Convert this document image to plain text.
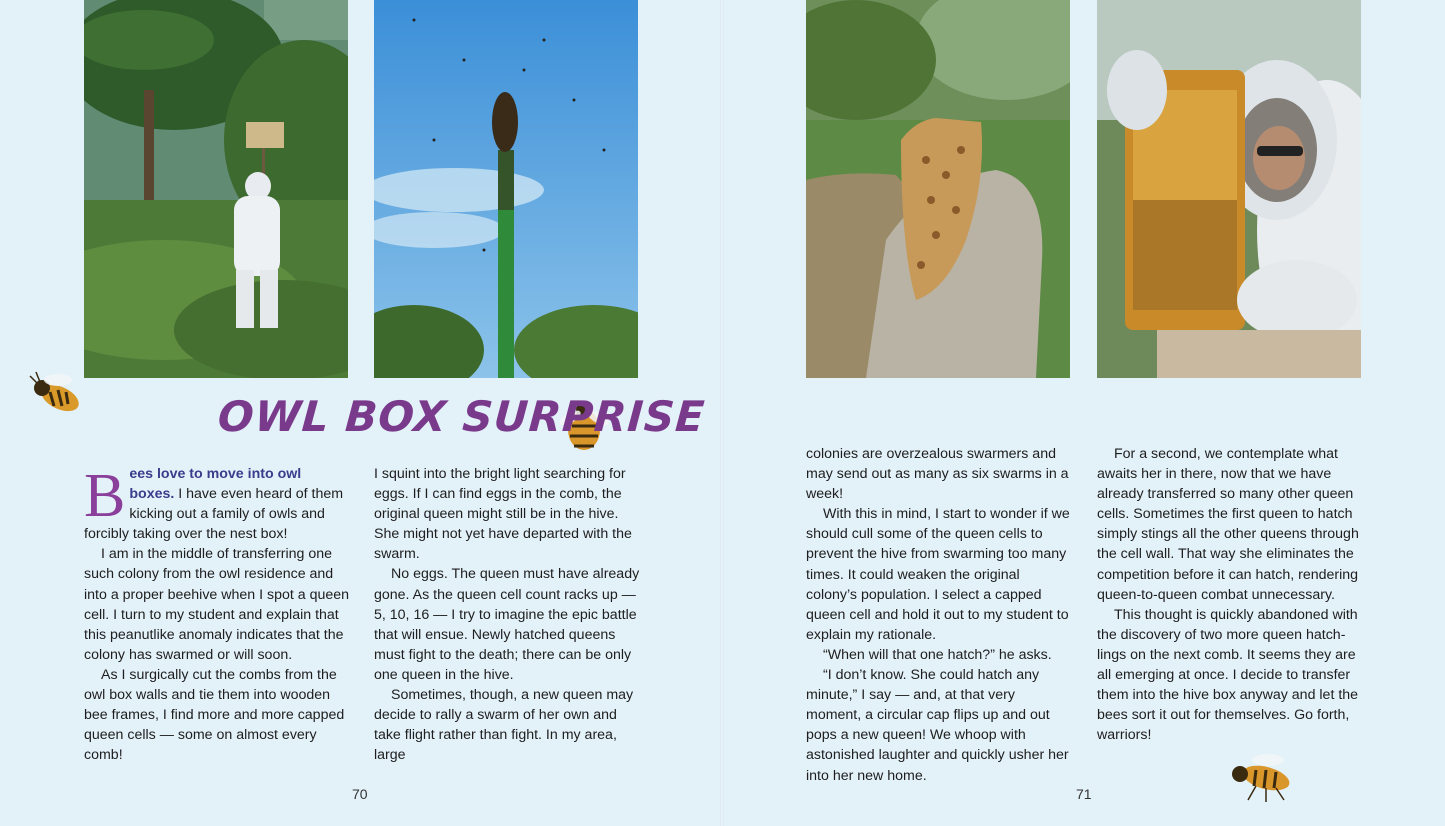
OWL BOX SURPRISE

Bees love to move into owl boxes. I have even heard of them kicking out a family of owls and forcibly taking over the nest box!

I am in the middle of transferring one such colony from the owl residence and into a proper beehive when I spot a queen cell. I turn to my student and explain that this peanutlike anomaly indicates that the colony has swarmed or will soon.

As I surgically cut the combs from the owl box walls and tie them into wooden bee frames, I find more and more capped queen cells — some on almost every comb!

I squint into the bright light searching for eggs. If I can find eggs in the comb, the original queen might still be in the hive. She might not yet have departed with the swarm.

No eggs. The queen must have already gone. As the queen cell count racks up — 5, 10, 16 — I try to imagine the epic battle that will ensue. Newly hatched queens must fight to the death; there can be only one queen in the hive.

Sometimes, though, a new queen may decide to rally a swarm of her own and take flight rather than fight. In my area, large

colonies are overzealous swarmers and may send out as many as six swarms in a week!

With this in mind, I start to wonder if we should cull some of the queen cells to prevent the hive from swarming too many times. It could weaken the original colony’s population. I select a capped queen cell and hold it out to my student to explain my rationale.

“When will that one hatch?” he asks.

“I don’t know. She could hatch any minute,” I say — and, at that very moment, a circular cap flips up and out pops a new queen! We whoop with astonished laughter and quickly usher her into her new home.

For a second, we contemplate what awaits her in there, now that we have already transferred so many other queen cells. Sometimes the first queen to hatch simply stings all the other queens through the cell wall. That way she eliminates the competition before it can hatch, rendering queen-to-queen combat unnecessary.

This thought is quickly abandoned with the discovery of two more queen hatch-lings on the next comb. It seems they are all emerging at once. I decide to transfer them into the hive box anyway and let the bees sort it out for themselves. Go forth, warriors!

70	71
